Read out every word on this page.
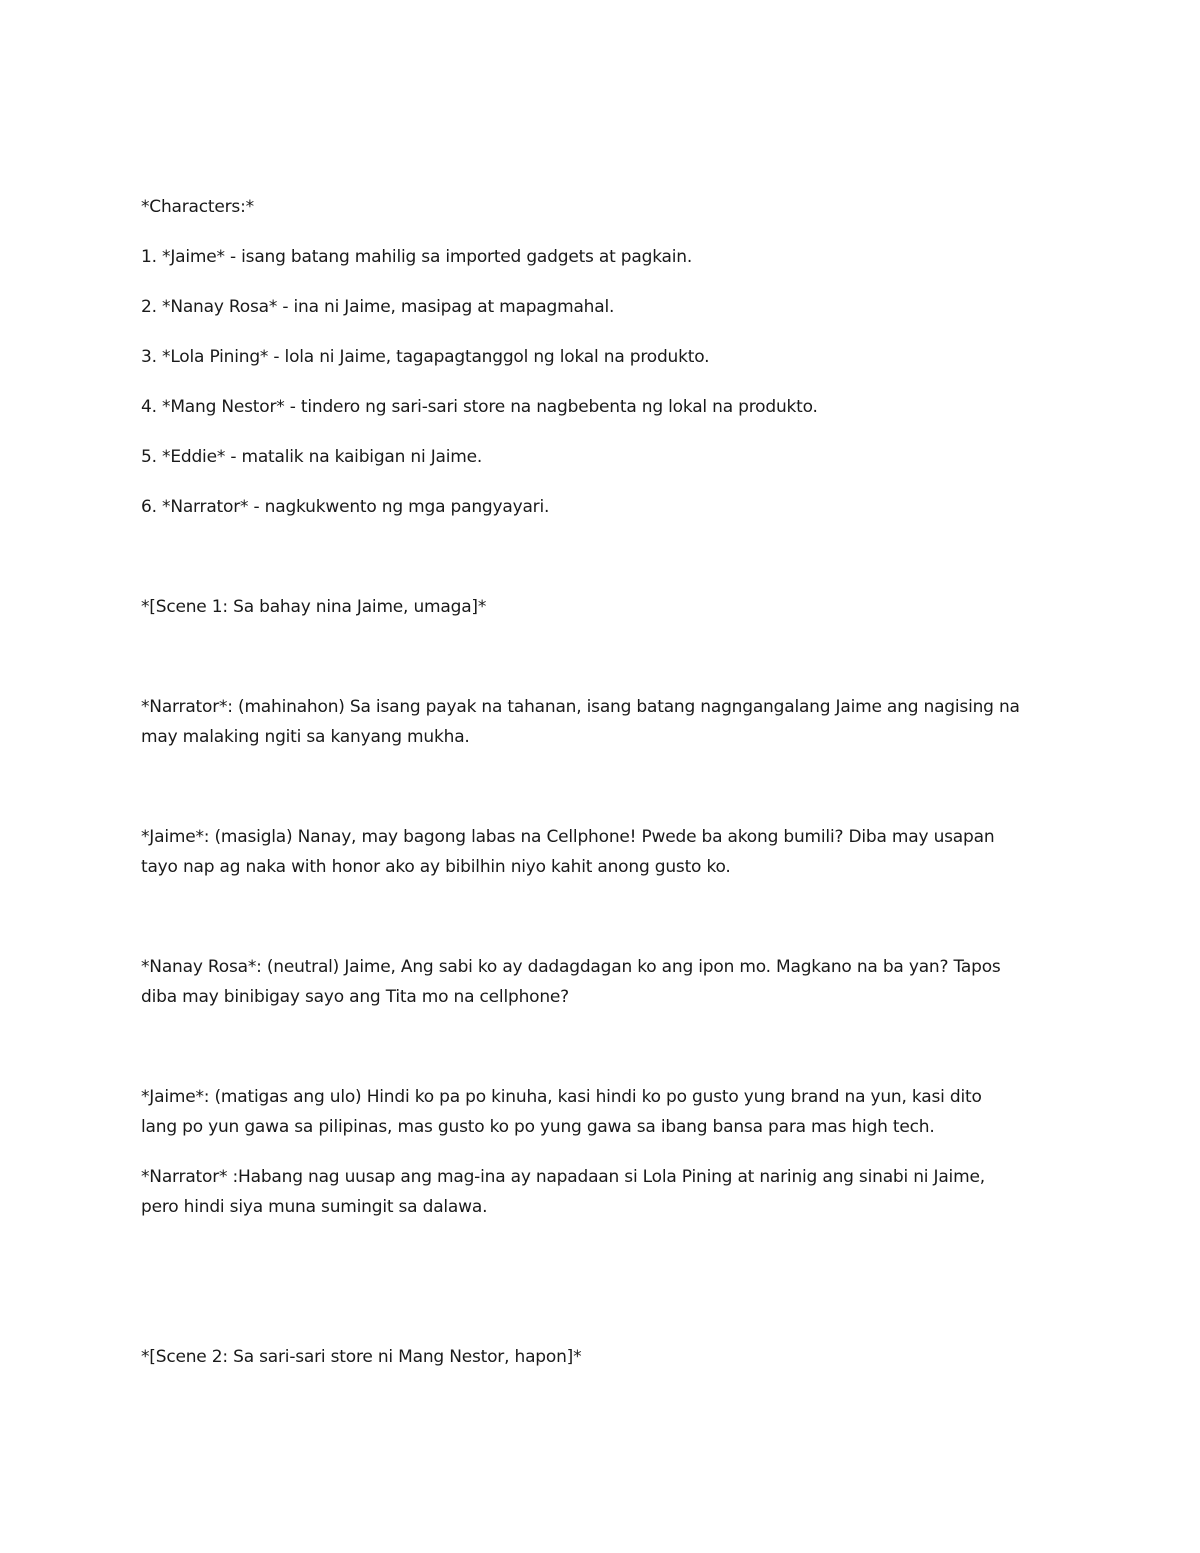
*Characters:*

1. *Jaime* - isang batang mahilig sa imported gadgets at pagkain.

2. *Nanay Rosa* - ina ni Jaime, masipag at mapagmahal.

3. *Lola Pining* - lola ni Jaime, tagapagtanggol ng lokal na produkto.

4. *Mang Nestor* - tindero ng sari-sari store na nagbebenta ng lokal na produkto.

5. *Eddie* - matalik na kaibigan ni Jaime.

6. *Narrator* - nagkukwento ng mga pangyayari.

*[Scene 1: Sa bahay nina Jaime, umaga]*

*Narrator*: (mahinahon) Sa isang payak na tahanan, isang batang nagngangalang Jaime ang nagising na

may malaking ngiti sa kanyang mukha.

*Jaime*: (masigla) Nanay, may bagong labas na Cellphone! Pwede ba akong bumili? Diba may usapan

tayo nap ag naka with honor ako ay bibilhin niyo kahit anong gusto ko.

*Nanay Rosa*: (neutral) Jaime, Ang sabi ko ay dadagdagan ko ang ipon mo. Magkano na ba yan? Tapos

diba may binibigay sayo ang Tita mo na cellphone?

*Jaime*: (matigas ang ulo) Hindi ko pa po kinuha, kasi hindi ko po gusto yung brand na yun, kasi dito

lang po yun gawa sa pilipinas, mas gusto ko po yung gawa sa ibang bansa para mas high tech.

*Narrator* :Habang nag uusap ang mag-ina ay napadaan si Lola Pining at narinig ang sinabi ni Jaime,

pero hindi siya muna sumingit sa dalawa.

*[Scene 2: Sa sari-sari store ni Mang Nestor, hapon]*
